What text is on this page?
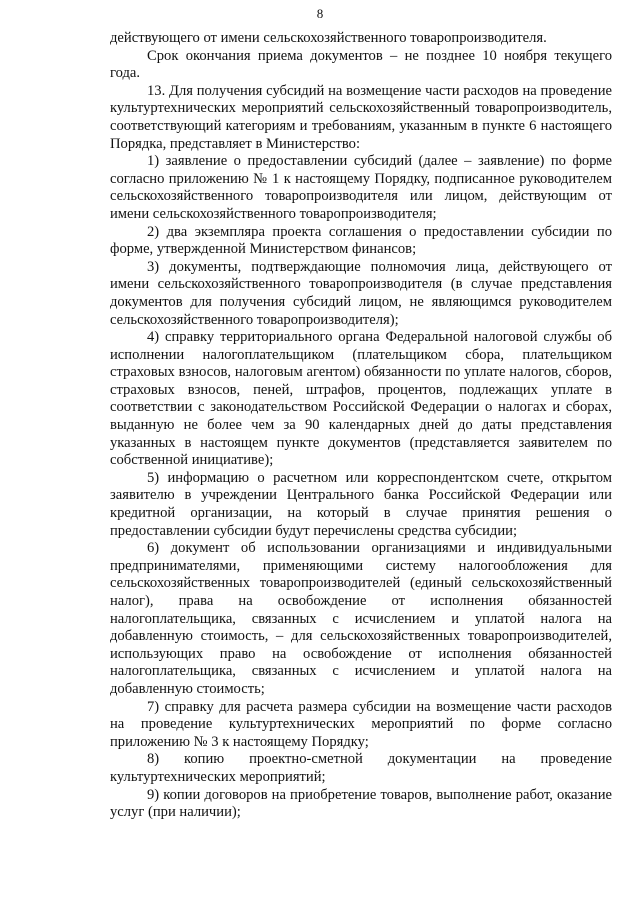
8

действующего от имени сельскохозяйственного товаропроизводителя.

Срок окончания приема документов – не позднее 10 ноября текущего года.

13. Для получения субсидий на возмещение части расходов на проведение культуртехнических мероприятий сельскохозяйственный товаропроизводитель, соответствующий категориям и требованиям, указанным в пункте 6 настоящего Порядка, представляет в Министерство:

1) заявление о предоставлении субсидий (далее – заявление) по форме согласно приложению № 1 к настоящему Порядку, подписанное руководителем сельскохозяйственного товаропроизводителя или лицом, действующим от имени сельскохозяйственного товаропроизводителя;

2) два экземпляра проекта соглашения о предоставлении субсидии по форме, утвержденной Министерством финансов;

3) документы, подтверждающие полномочия лица, действующего от имени сельскохозяйственного товаропроизводителя (в случае представления документов для получения субсидий лицом, не являющимся руководителем сельскохозяйственного товаропроизводителя);

4) справку территориального органа Федеральной налоговой службы об исполнении налогоплательщиком (плательщиком сбора, плательщиком страховых взносов, налоговым агентом) обязанности по уплате налогов, сборов, страховых взносов, пеней, штрафов, процентов, подлежащих уплате в соответствии с законодательством Российской Федерации о налогах и сборах, выданную не более чем за 90 календарных дней до даты представления указанных в настоящем пункте документов (представляется заявителем по собственной инициативе);

5) информацию о расчетном или корреспондентском счете, открытом заявителю в учреждении Центрального банка Российской Федерации или кредитной организации, на который в случае принятия решения о предоставлении субсидии будут перечислены средства субсидии;

6) документ об использовании организациями и индивидуальными предпринимателями, применяющими систему налогообложения для сельскохозяйственных товаропроизводителей (единый сельскохозяйственный налог), права на освобождение от исполнения обязанностей налогоплательщика, связанных с исчислением и уплатой налога на добавленную стоимость, – для сельскохозяйственных товаропроизводителей, использующих право на освобождение от исполнения обязанностей налогоплательщика, связанных с исчислением и уплатой налога на добавленную стоимость;

7) справку для расчета размера субсидии на возмещение части расходов на проведение культуртехнических мероприятий по форме согласно приложению № 3 к настоящему Порядку;

8) копию проектно-сметной документации на проведение культуртехнических мероприятий;

9) копии договоров на приобретение товаров, выполнение работ, оказание услуг (при наличии);
